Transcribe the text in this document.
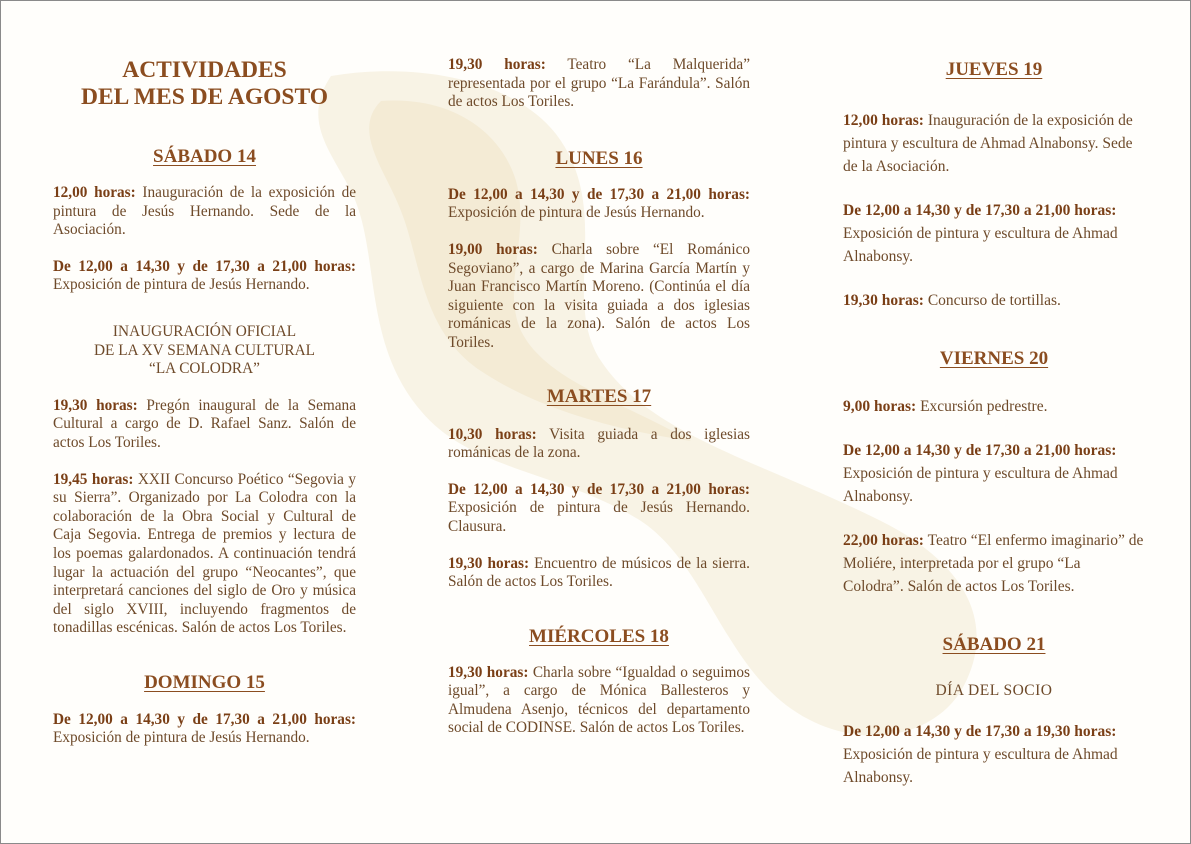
ACTIVIDADES
DEL MES DE AGOSTO
SÁBADO 14

12,00 horas: Inauguración de la exposición de pintura de Jesús Hernando. Sede de la Asociación.

De 12,00 a 14,30 y de 17,30 a 21,00 horas: Exposición de pintura de Jesús Hernando.

INAUGURACIÓN OFICIAL
DE LA XV SEMANA CULTURAL
“LA COLODRA”

19,30 horas: Pregón inaugural de la Semana Cultural a cargo de D. Rafael Sanz. Salón de actos Los Toriles.

19,45 horas: XXII Concurso Poético “Segovia y su Sierra”. Organizado por La Colodra con la colaboración de la Obra Social y Cultural de Caja Segovia. Entrega de premios y lectura de los poemas galardonados. A continuación tendrá lugar la actuación del grupo “Neocantes”, que interpretará canciones del siglo de Oro y música del siglo XVIII, incluyendo fragmentos de tonadillas escénicas. Salón de actos Los Toriles.

DOMINGO 15

De 12,00 a 14,30 y de 17,30 a 21,00 horas: Exposición de pintura de Jesús Hernando.

19,30 horas: Teatro “La Malquerida” representada por el grupo “La Farándula”. Salón de actos Los Toriles.

LUNES 16

De 12,00 a 14,30 y de 17,30 a 21,00 horas: Exposición de pintura de Jesús Hernando.

19,00 horas: Charla sobre “El Románico Segoviano”, a cargo de Marina García Martín y Juan Francisco Martín Moreno. (Continúa el día siguiente con la visita guiada a dos iglesias románicas de la zona). Salón de actos Los Toriles.

MARTES 17

10,30 horas: Visita guiada a dos iglesias románicas de la zona.

De 12,00 a 14,30 y de 17,30 a 21,00 horas: Exposición de pintura de Jesús Hernando. Clausura.

19,30 horas: Encuentro de músicos de la sierra. Salón de actos Los Toriles.

MIÉRCOLES 18

19,30 horas: Charla sobre “Igualdad o seguimos igual”, a cargo de Mónica Ballesteros y Almudena Asenjo, técnicos del departamento social de CODINSE. Salón de actos Los Toriles.

JUEVES 19

12,00 horas: Inauguración de la exposición de pintura y escultura de Ahmad Alnabonsy. Sede de la Asociación.

De 12,00 a 14,30 y de 17,30 a 21,00 horas: Exposición de pintura y escultura de Ahmad Alnabonsy.

19,30 horas: Concurso de tortillas.

VIERNES 20

9,00 horas: Excursión pedrestre.

De 12,00 a 14,30 y de 17,30 a 21,00 horas: Exposición de pintura y escultura de Ahmad Alnabonsy.

22,00 horas: Teatro “El enfermo imaginario” de Moliére, interpretada por el grupo “La Colodra”. Salón de actos Los Toriles.

SÁBADO 21

DÍA DEL SOCIO

De 12,00 a 14,30 y de 17,30 a 19,30 horas: Exposición de pintura y escultura de Ahmad Alnabonsy.
